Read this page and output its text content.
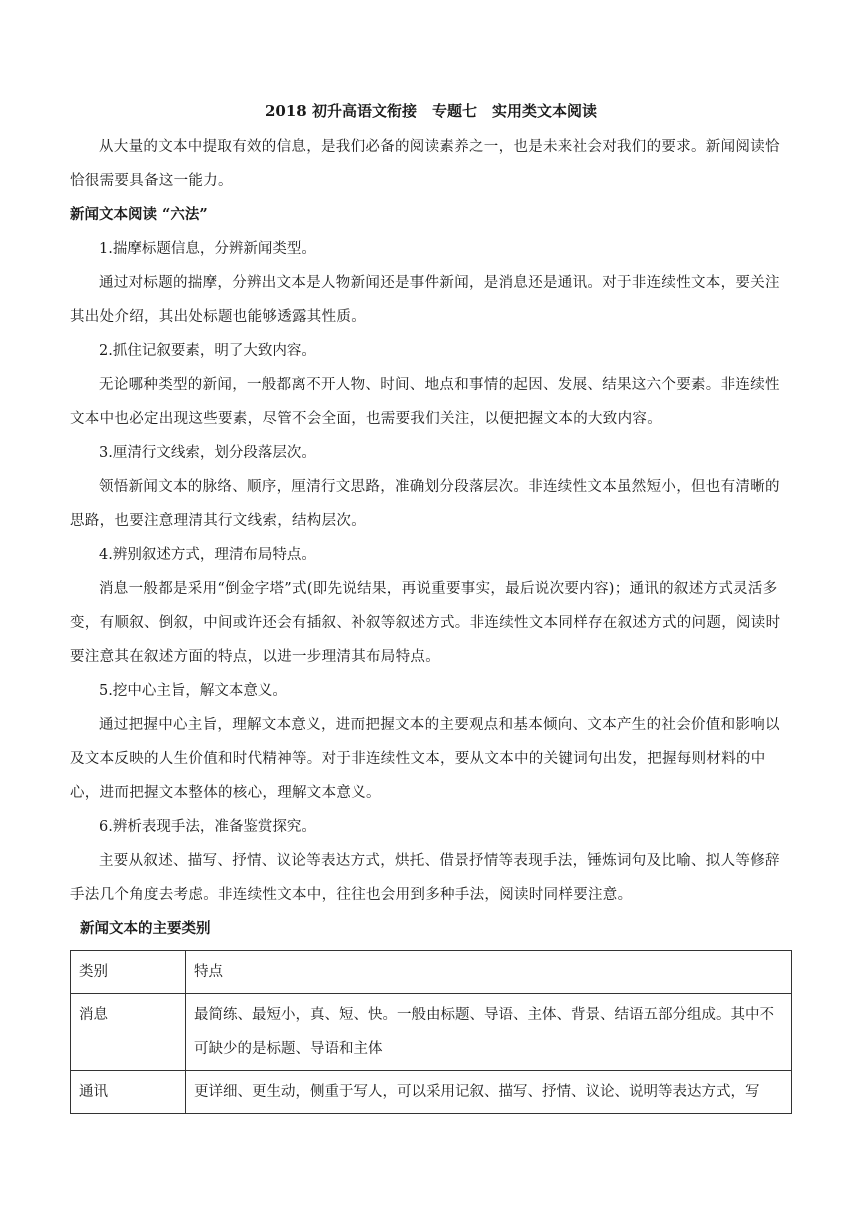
2018 初升高语文衔接　专题七　实用类文本阅读

从大量的文本中提取有效的信息，是我们必备的阅读素养之一，也是未来社会对我们的要求。新闻阅读恰恰很需要具备这一能力。

新闻文本阅读 “六法”

1.揣摩标题信息，分辨新闻类型。

通过对标题的揣摩，分辨出文本是人物新闻还是事件新闻，是消息还是通讯。对于非连续性文本，要关注其出处介绍，其出处标题也能够透露其性质。

2.抓住记叙要素，明了大致内容。

无论哪种类型的新闻，一般都离不开人物、时间、地点和事情的起因、发展、结果这六个要素。非连续性文本中也必定出现这些要素，尽管不会全面，也需要我们关注，以便把握文本的大致内容。

3.厘清行文线索，划分段落层次。

领悟新闻文本的脉络、顺序，厘清行文思路，准确划分段落层次。非连续性文本虽然短小，但也有清晰的思路，也要注意理清其行文线索，结构层次。

4.辨别叙述方式，理清布局特点。

消息一般都是采用“倒金字塔”式(即先说结果，再说重要事实，最后说次要内容)；通讯的叙述方式灵活多变，有顺叙、倒叙，中间或许还会有插叙、补叙等叙述方式。非连续性文本同样存在叙述方式的问题，阅读时要注意其在叙述方面的特点，以进一步理清其布局特点。

5.挖中心主旨，解文本意义。

通过把握中心主旨，理解文本意义，进而把握文本的主要观点和基本倾向、文本产生的社会价值和影响以及文本反映的人生价值和时代精神等。对于非连续性文本，要从文本中的关键词句出发，把握每则材料的中心，进而把握文本整体的核心，理解文本意义。

6.辨析表现手法，准备鉴赏探究。

主要从叙述、描写、抒情、议论等表达方式，烘托、借景抒情等表现手法，锤炼词句及比喻、拟人等修辞手法几个角度去考虑。非连续性文本中，往往也会用到多种手法，阅读时同样要注意。

新闻文本的主要类别

类别	特点
消息	最简练、最短小，真、短、快。一般由标题、导语、主体、背景、结语五部分组成。其中不可缺少的是标题、导语和主体
通讯	更详细、更生动，侧重于写人，可以采用记叙、描写、抒情、议论、说明等表达方式，写
